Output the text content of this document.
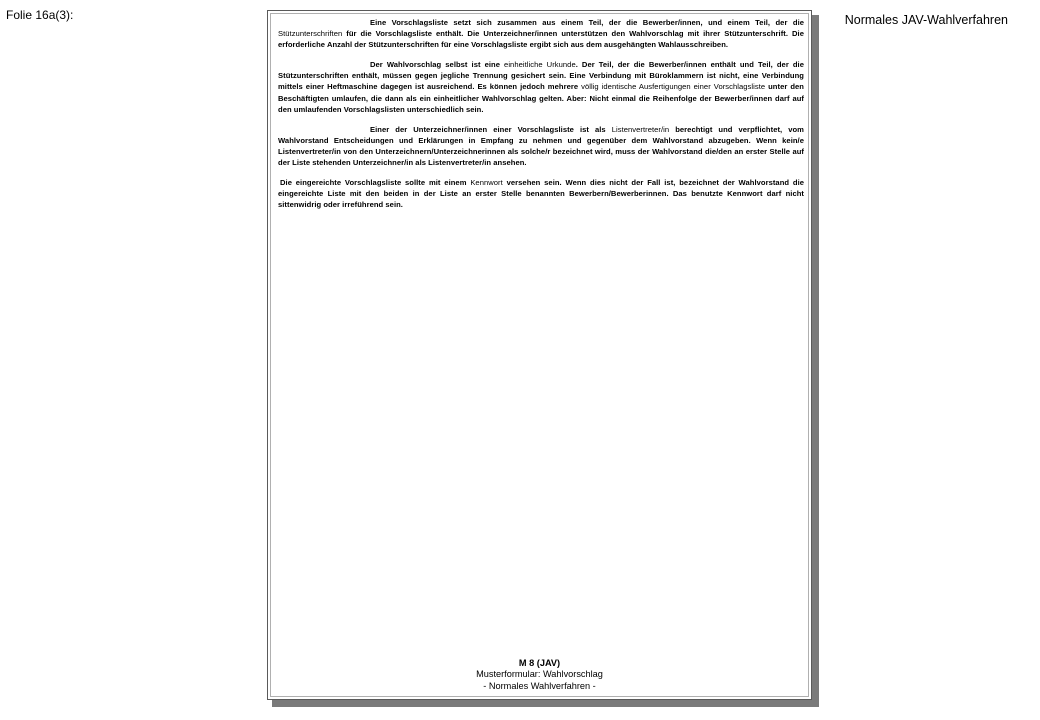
Folie 16a(3):	Normales JAV-Wahlverfahren

Eine Vorschlagsliste setzt sich zusammen aus einem Teil, der die Bewerber/innen, und einem Teil, der die Stützunterschriften für die Vorschlagsliste enthält. Die Unterzeichner/innen unterstützen den Wahlvorschlag mit ihrer Stützunterschrift. Die erforderliche Anzahl der Stützunterschriften für eine Vorschlagsliste ergibt sich aus dem ausgehängten Wahlausschreiben.

Der Wahlvorschlag selbst ist eine einheitliche Urkunde. Der Teil, der die Bewerber/innen enthält und Teil, der die Stützunterschriften enthält, müssen gegen jegliche Trennung gesichert sein. Eine Verbindung mit Büroklammern ist nicht, eine Verbindung mittels einer Heftmaschine dagegen ist ausreichend. Es können jedoch mehrere völlig identische Ausfertigungen einer Vorschlagsliste unter den Beschäftigten umlaufen, die dann als ein einheitlicher Wahlvorschlag gelten. Aber: Nicht einmal die Reihenfolge der Bewerber/innen darf auf den umlaufenden Vorschlagslisten unterschiedlich sein.

Einer der Unterzeichner/innen einer Vorschlagsliste ist als Listenvertreter/in berechtigt und verpflichtet, vom Wahlvorstand Entscheidungen und Erklärungen in Empfang zu nehmen und gegenüber dem Wahlvorstand abzugeben. Wenn kein/e Listenvertreter/in von den Unterzeichnern/Unterzeichnerinnen als solche/r bezeichnet wird, muss der Wahlvorstand die/den an erster Stelle auf der Liste stehenden Unterzeichner/in als Listenvertreter/in ansehen.

Die eingereichte Vorschlagsliste sollte mit einem Kennwort versehen sein. Wenn dies nicht der Fall ist, bezeichnet der Wahlvorstand die eingereichte Liste mit den beiden in der Liste an erster Stelle benannten Bewerbern/Bewerberinnen. Das benutzte Kennwort darf nicht sittenwidrig oder irreführend sein.

M 8 (JAV)
Musterformular: Wahlvorschlag
- Normales Wahlverfahren -
